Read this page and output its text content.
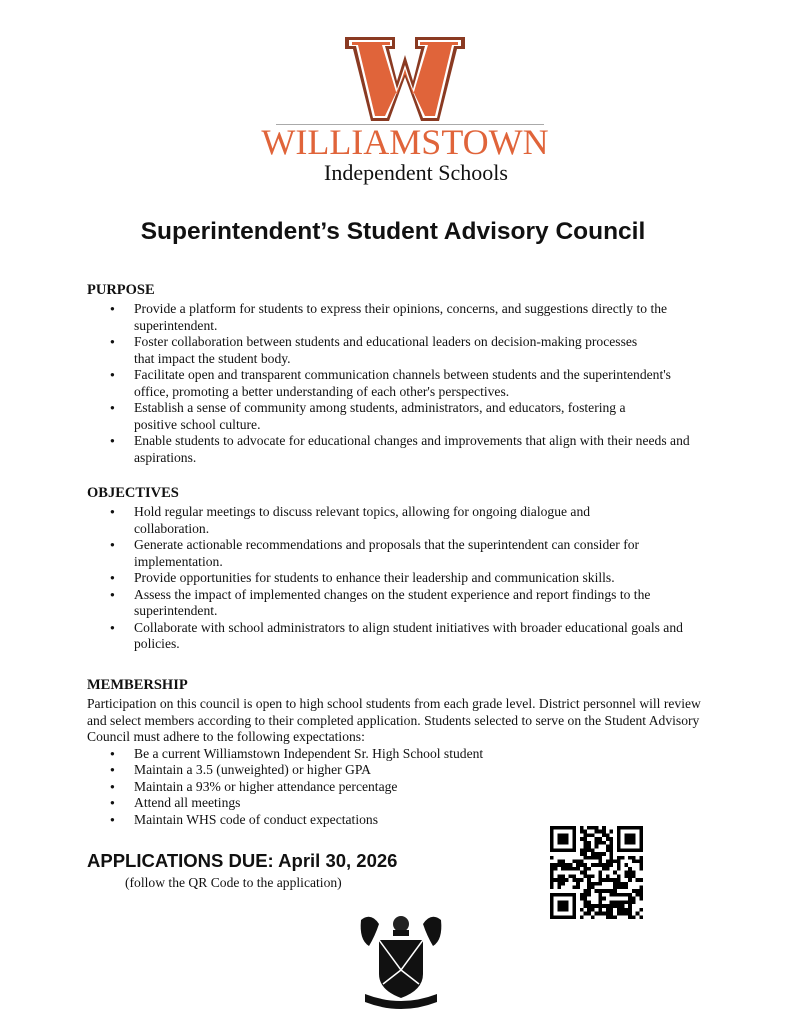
WILLIAMSTOWN
Independent Schools
Superintendent’s Student Advisory Council
PURPOSE
● Provide a platform for students to express their opinions, concerns, and suggestions directly to the superintendent.
● Foster collaboration between students and educational leaders on decision-making processes that impact the student body.
● Facilitate open and transparent communication channels between students and the superintendent's office, promoting a better understanding of each other's perspectives.
● Establish a sense of community among students, administrators, and educators, fostering a positive school culture.
● Enable students to advocate for educational changes and improvements that align with their needs and aspirations.
OBJECTIVES
● Hold regular meetings to discuss relevant topics, allowing for ongoing dialogue and collaboration.
● Generate actionable recommendations and proposals that the superintendent can consider for implementation.
● Provide opportunities for students to enhance their leadership and communication skills.
● Assess the impact of implemented changes on the student experience and report findings to the superintendent.
● Collaborate with school administrators to align student initiatives with broader educational goals and policies.
MEMBERSHIP

Participation on this council is open to high school students from each grade level. District personnel will review and select members according to their completed application. Students selected to serve on the Student Advisory Council must adhere to the following expectations:

● Be a current Williamstown Independent Sr. High School student
● Maintain a 3.5 (unweighted) or higher GPA
● Maintain a 93% or higher attendance percentage
● Attend all meetings
● Maintain WHS code of conduct expectations
APPLICATIONS DUE: April 30, 2026
(follow the QR Code to the application)
